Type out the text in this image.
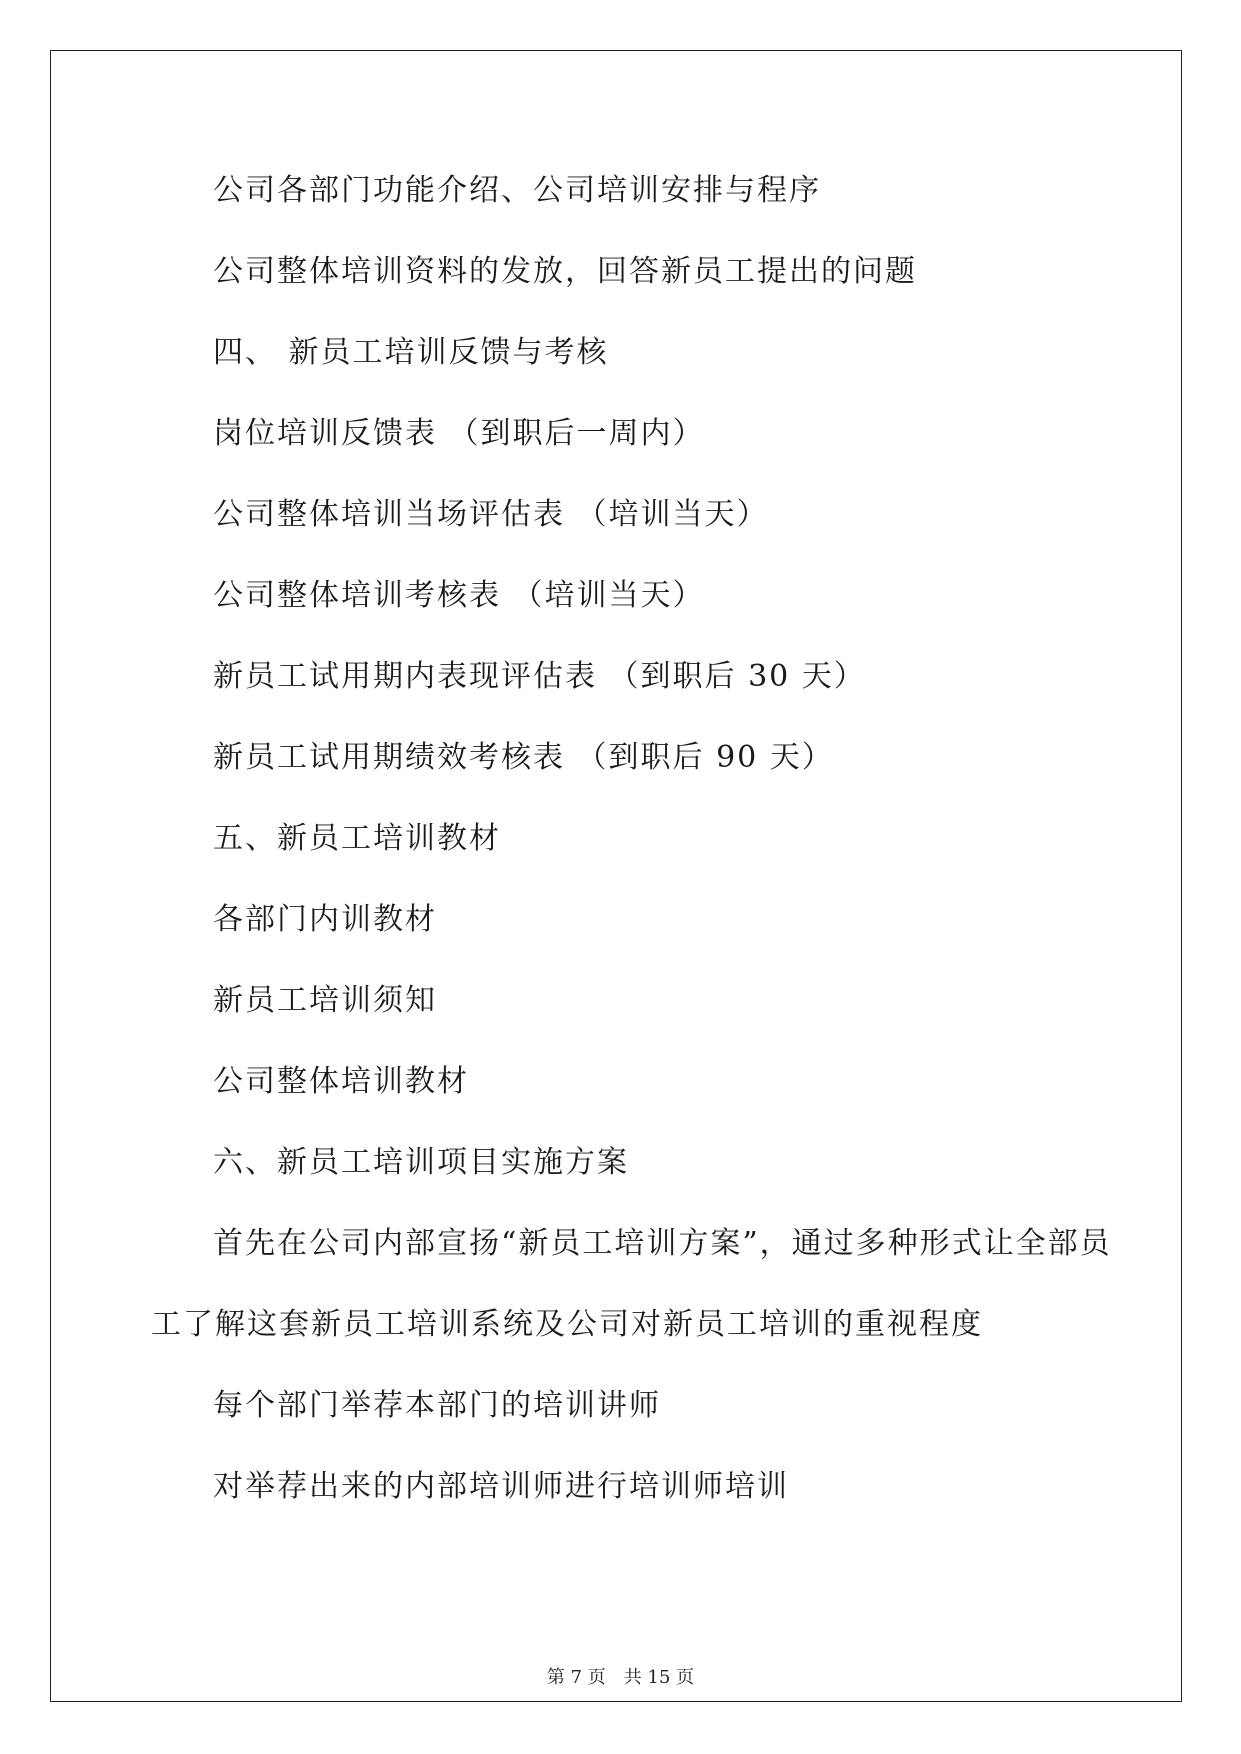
公司各部门功能介绍、公司培训安排与程序
公司整体培训资料的发放，回答新员工提出的问题
四、 新员工培训反馈与考核
岗位培训反馈表 （到职后一周内）
公司整体培训当场评估表 （培训当天）
公司整体培训考核表 （培训当天）
新员工试用期内表现评估表 （到职后 30 天）
新员工试用期绩效考核表 （到职后 90 天）
五、新员工培训教材
各部门内训教材
新员工培训须知
公司整体培训教材
六、新员工培训项目实施方案
首先在公司内部宣扬“新员工培训方案”，通过多种形式让全部员
工了解这套新员工培训系统及公司对新员工培训的重视程度
每个部门举荐本部门的培训讲师
对举荐出来的内部培训师进行培训师培训
第 7 页 共 15 页
